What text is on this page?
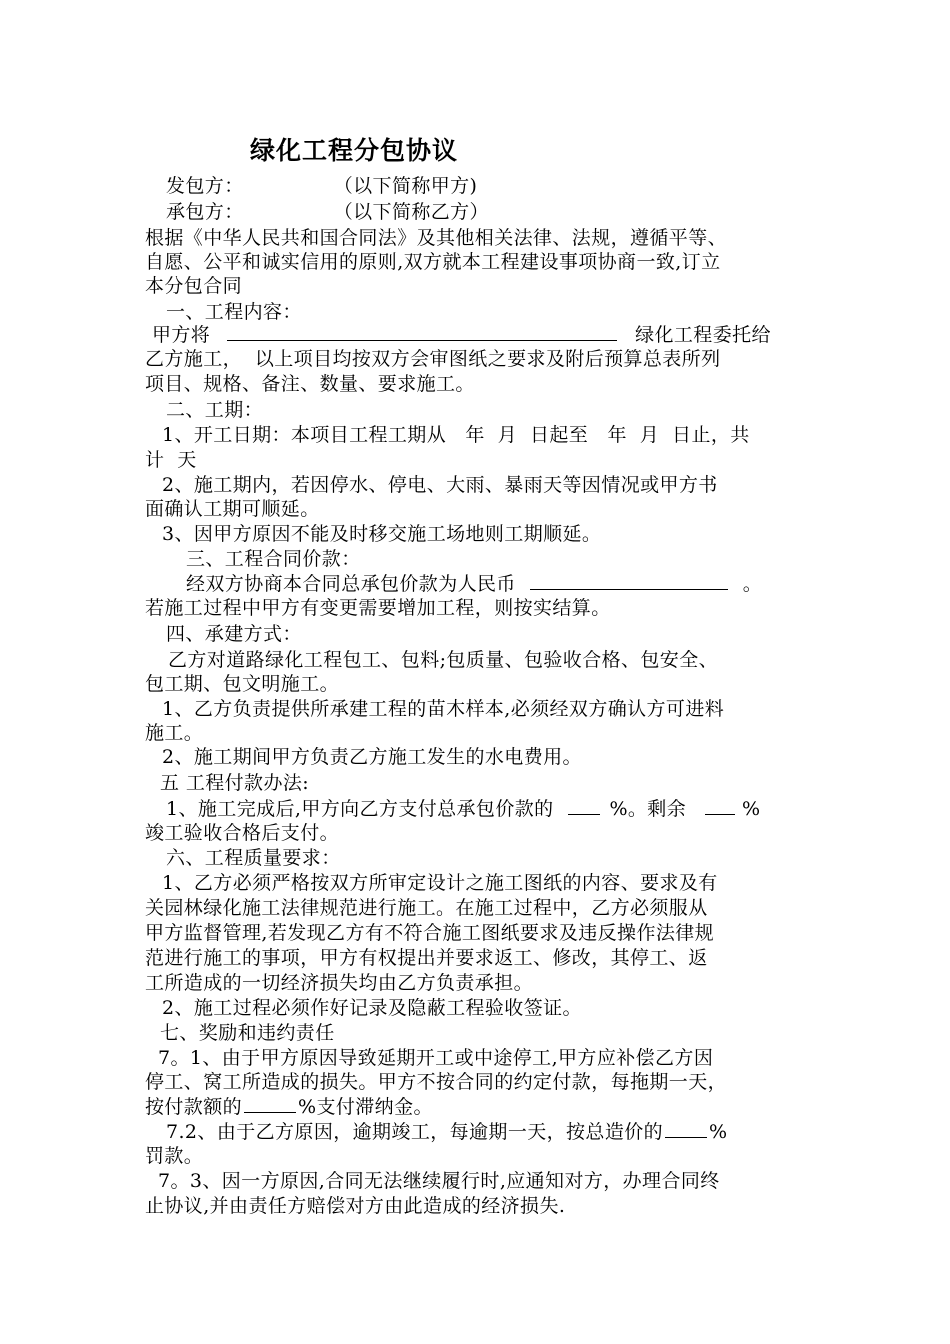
绿化工程分包协议
发包方：              （以下简称甲方)
承包方：              （以下简称乙方）
根据《中华人民共和国合同法》及其他相关法律、法规，遵循平等、
自愿、公平和诚实信用的原则,双方就本工程建设事项协商一致,订立
本分包合同
一、工程内容：
甲方将	绿化工程委托给
乙方施工，  以上项目均按双方会审图纸之要求及附后预算总表所列
项目、规格、备注、数量、要求施工。
二、工期：
1、开工日期：本项目工程工期从   年  月  日起至   年  月  日止，共
计  天
2、施工期内，若因停水、停电、大雨、暴雨天等因情况或甲方书
面确认工期可顺延。
3、因甲方原因不能及时移交施工场地则工期顺延。
三、工程合同价款：
经双方协商本合同总承包价款为人民币	。
若施工过程中甲方有变更需要增加工程，则按实结算。
四、承建方式：
乙方对道路绿化工程包工、包料;包质量、包验收合格、包安全、
包工期、包文明施工。
1、乙方负责提供所承建工程的苗木样本,必须经双方确认方可进料
施工。
2、施工期间甲方负责乙方施工发生的水电费用。
五 工程付款办法:
1、施工完成后,甲方向乙方支付总承包价款的	%。剩余	%
竣工验收合格后支付。
六、工程质量要求：
1、乙方必须严格按双方所审定设计之施工图纸的内容、要求及有
关园林绿化施工法律规范进行施工。在施工过程中，乙方必须服从
甲方监督管理,若发现乙方有不符合施工图纸要求及违反操作法律规
范进行施工的事项，甲方有权提出并要求返工、修改，其停工、返
工所造成的一切经济损失均由乙方负责承担。
2、施工过程必须作好记录及隐蔽工程验收签证。
七、奖励和违约责任
7。1、由于甲方原因导致延期开工或中途停工,甲方应补偿乙方因
停工、窝工所造成的损失。甲方不按合同的约定付款，每拖期一天，
按付款额的	%支付滞纳金。
7.2、由于乙方原因，逾期竣工，每逾期一天，按总造价的 %
罚款。
7。3、因一方原因,合同无法继续履行时,应通知对方，办理合同终
止协议,并由责任方赔偿对方由此造成的经济损失.
